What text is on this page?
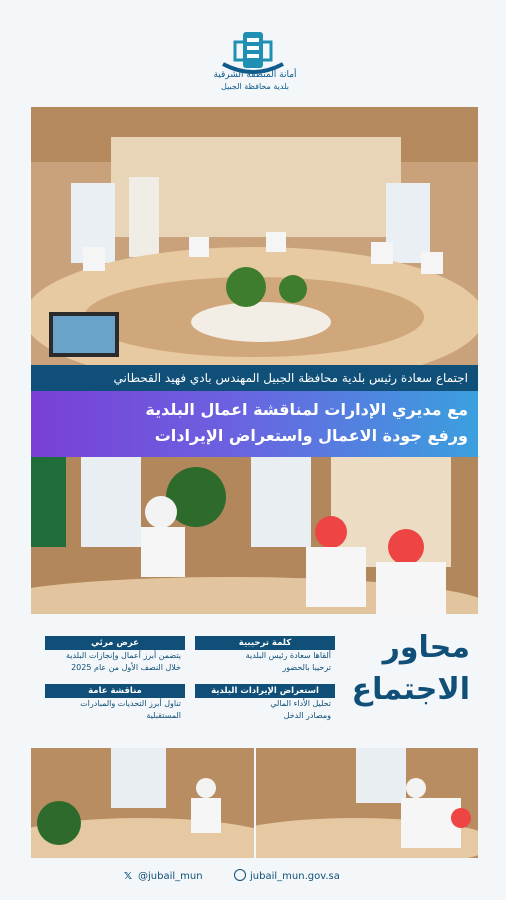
أمانة المنطقة الشرقية
بلدية محافظة الجبيل
اجتماع سعادة رئيس بلدية محافظة الجبيل المهندس بادي فهيد القحطاني
مع مديري الإدارات لمناقشة اعمال البلدية
ورفع جودة الاعمال واستعراض الإيرادات
محاور
الاجتماع
كلمة ترحيبية
ألقاها سعادة رئيس البلدية
ترحيبا بالحضور
عرض مرئي
يتضمن أبرز أعمال وإنجازات البلدية
خلال النصف الأول من عام 2025
استعراض الإيرادات البلدية
تحليل الأداء المالي
ومصادر الدخل
مناقشة عامة
تناول أبرز التحديات والمبادرات
المستقبلية
𝕏 @jubail_mun	jubail_mun.gov.sa
